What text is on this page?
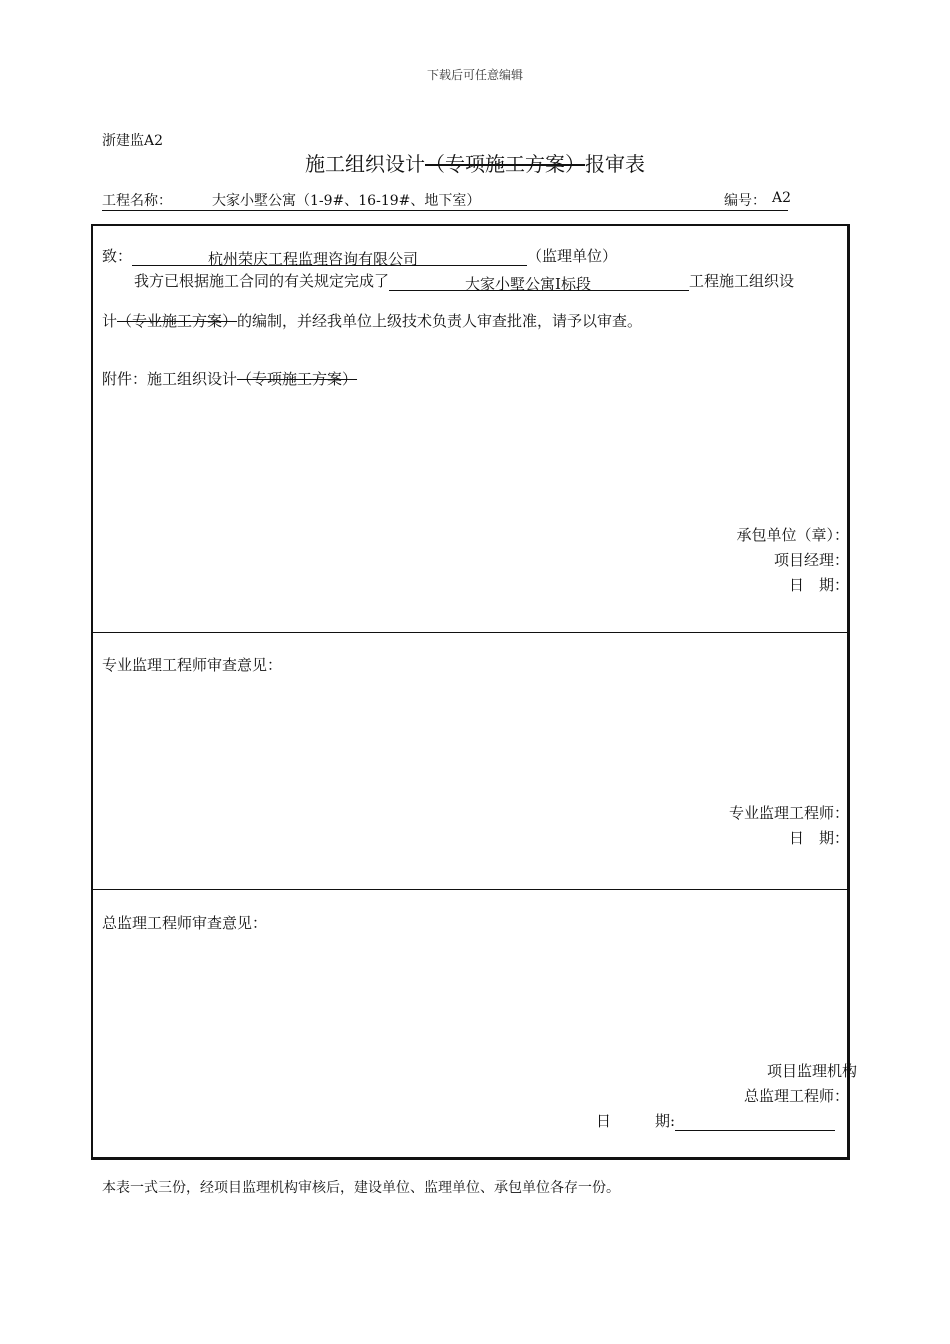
下载后可任意编辑
浙建监A2
施工组织设计（专项施工方案）报审表
工程名称：	大家小墅公寓（1-9#、16-19#、地下室）	编号： A2
致：	杭州荣庆工程监理咨询有限公司	（监理单位）
我方已根据施工合同的有关规定完成了	大家小墅公寓Ⅰ标段	工程施工组织设
计（专业施工方案）的编制，并经我单位上级技术负责人审查批准，请予以审查。
附件：施工组织设计（专项施工方案）
承包单位（章）：
项目经理：
日　期：
专业监理工程师审查意见：
专业监理工程师：
日　期：
总监理工程师审查意见：
项目监理机构
总监理工程师：
日	期:
本表一式三份，经项目监理机构审核后，建设单位、监理单位、承包单位各存一份。
